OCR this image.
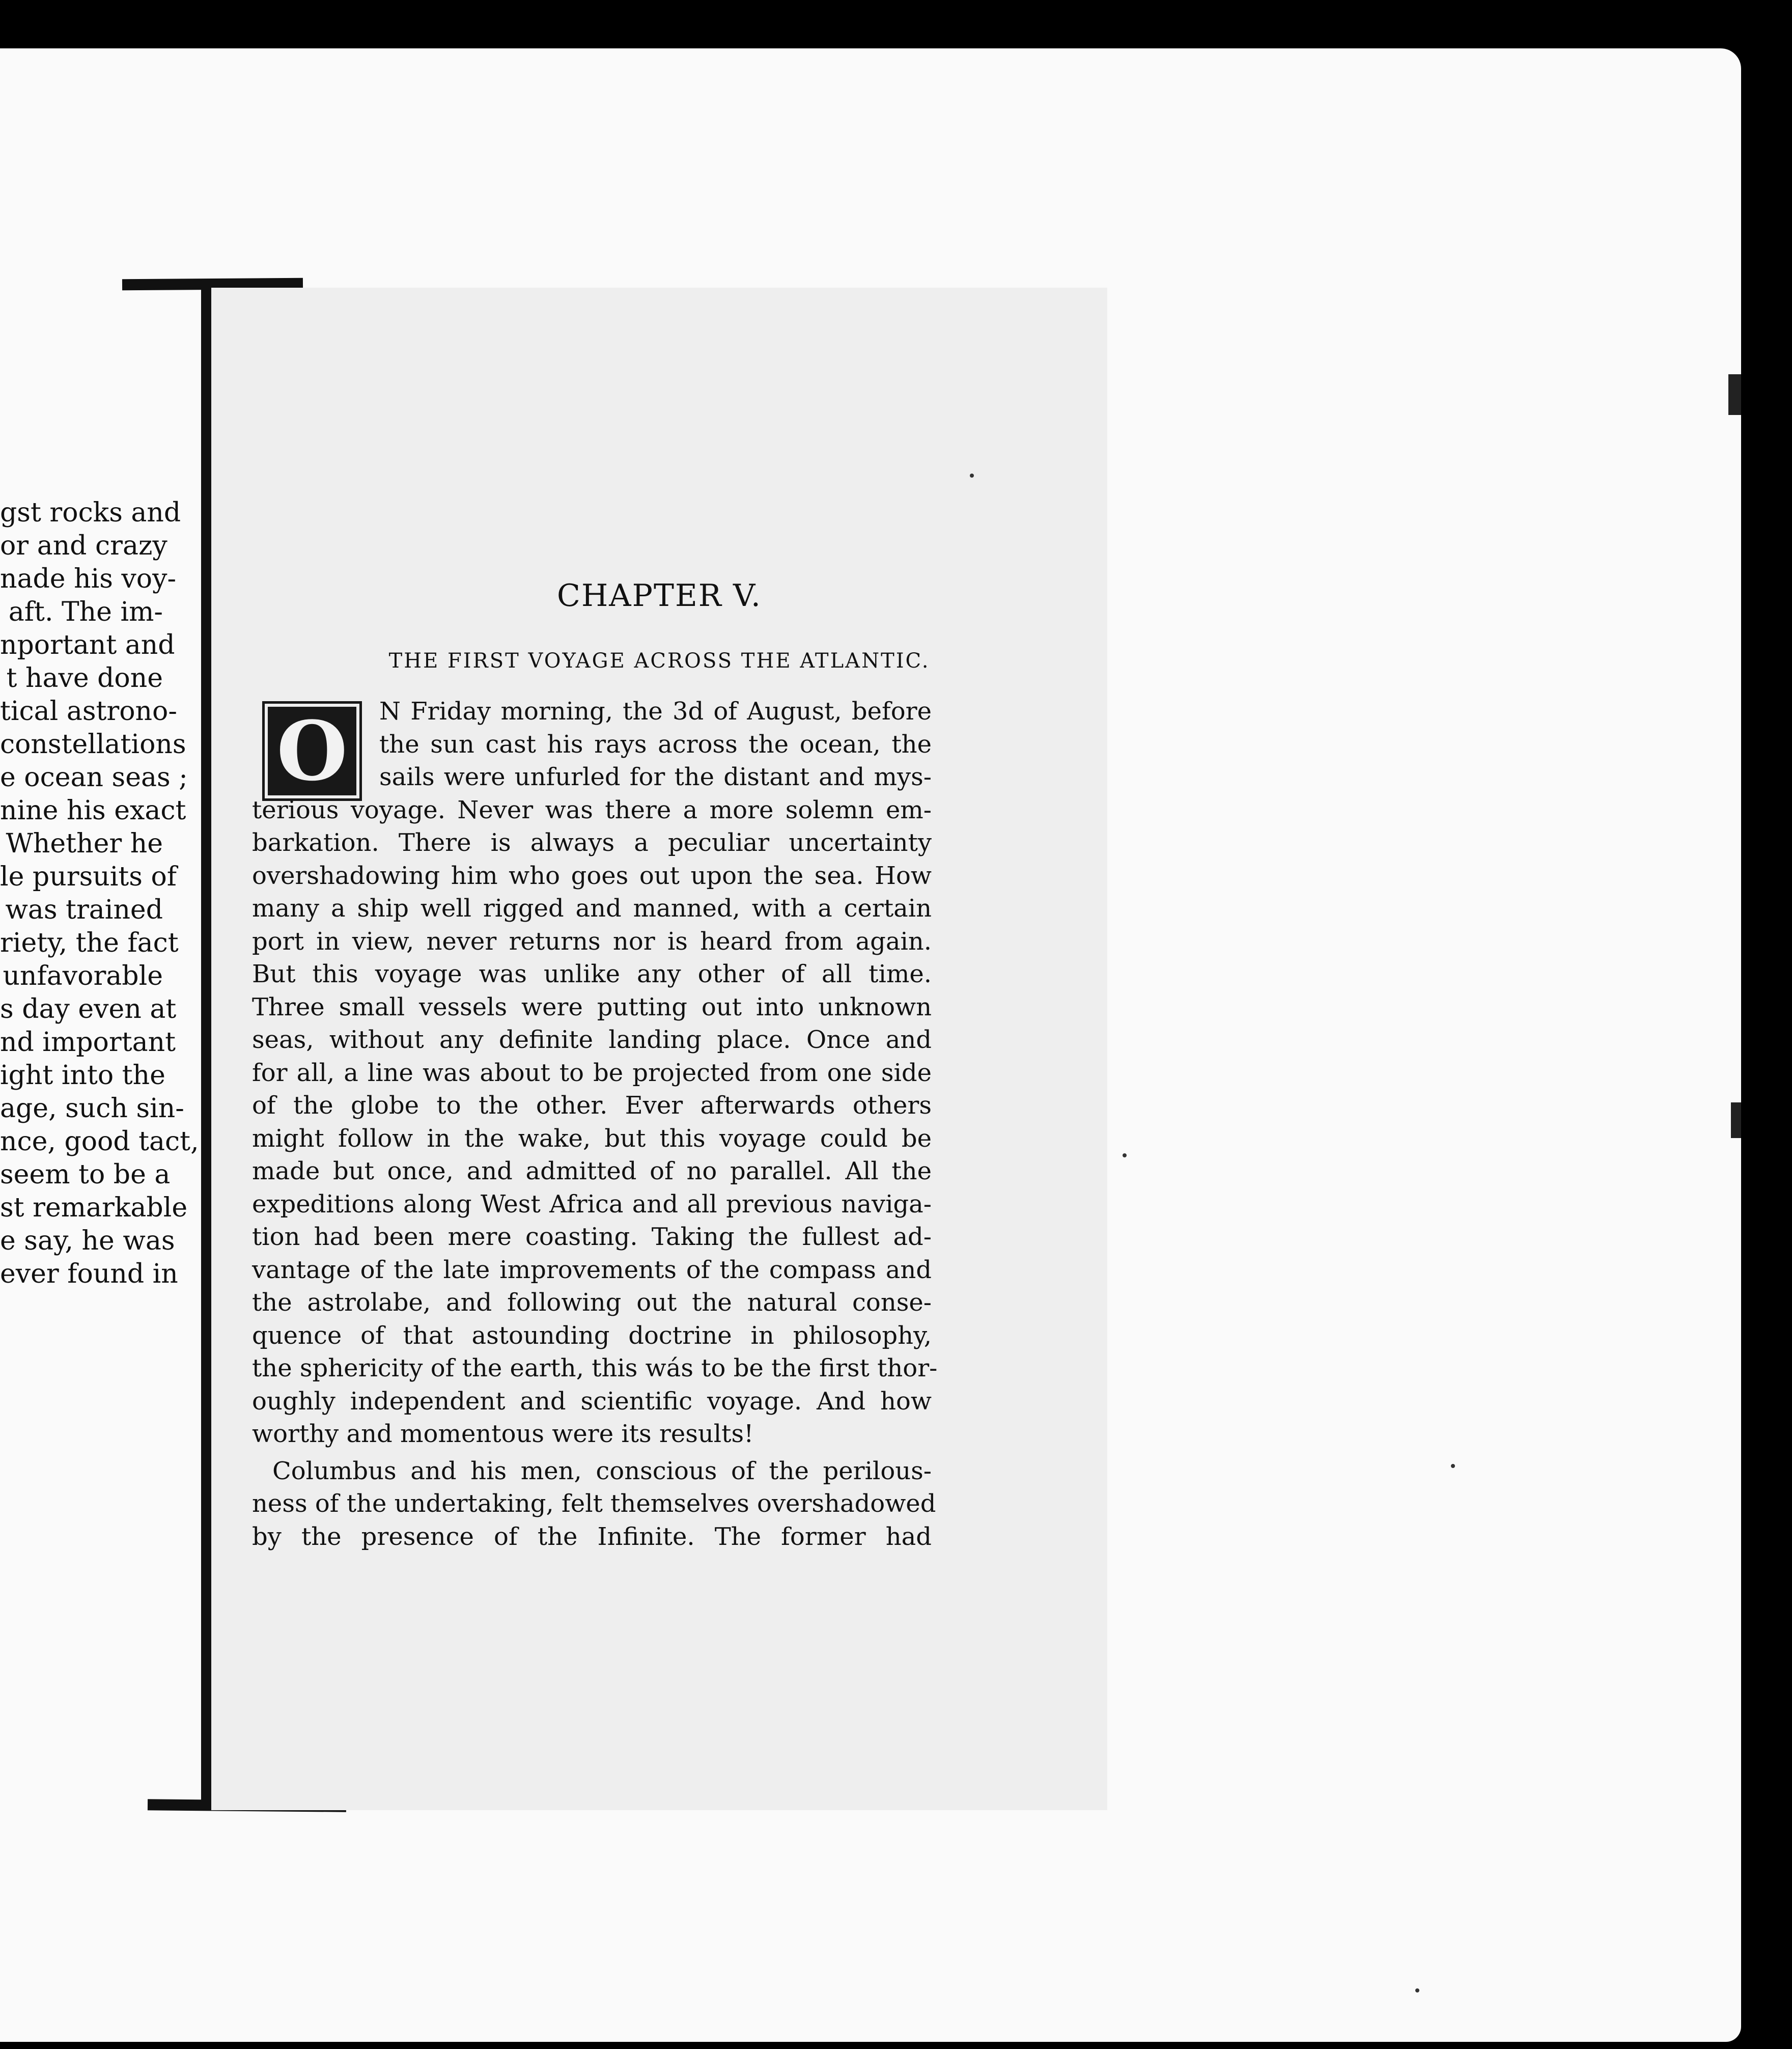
gst rocks and
or and crazy
nade his voy-
aft. The im-
nportant and
t have done
tical astrono-
constellations
e ocean seas ;
nine his exact
Whether he
le pursuits of
was trained
riety, the fact
unfavorable
s day even at
nd important
ight into the
age, such sin-
nce, good tact,
seem to be a
st remarkable
e say, he was
ever found in
CHAPTER V.
THE FIRST VOYAGE ACROSS THE ATLANTIC.
O	N Friday morning, the 3d of August, before
the sun cast his rays across the ocean, the
sails were unfurled for the distant and mys-
terious voyage. Never was there a more solemn em-
barkation. There is always a peculiar uncertainty
overshadowing him who goes out upon the sea. How
many a ship well rigged and manned, with a certain
port in view, never returns nor is heard from again.
But this voyage was unlike any other of all time.
Three small vessels were putting out into unknown
seas, without any definite landing place. Once and
for all, a line was about to be projected from one side
of the globe to the other. Ever afterwards others
might follow in the wake, but this voyage could be
made but once, and admitted of no parallel. All the
expeditions along West Africa and all previous naviga-
tion had been mere coasting. Taking the fullest ad-
vantage of the late improvements of the compass and
the astrolabe, and following out the natural conse-
quence of that astounding doctrine in philosophy,
the sphericity of the earth, this wás to be the first thor-
oughly independent and scientific voyage. And how
worthy and momentous were its results!
Columbus and his men, conscious of the perilous-
ness of the undertaking, felt themselves overshadowed
by the presence of the Infinite. The former had
